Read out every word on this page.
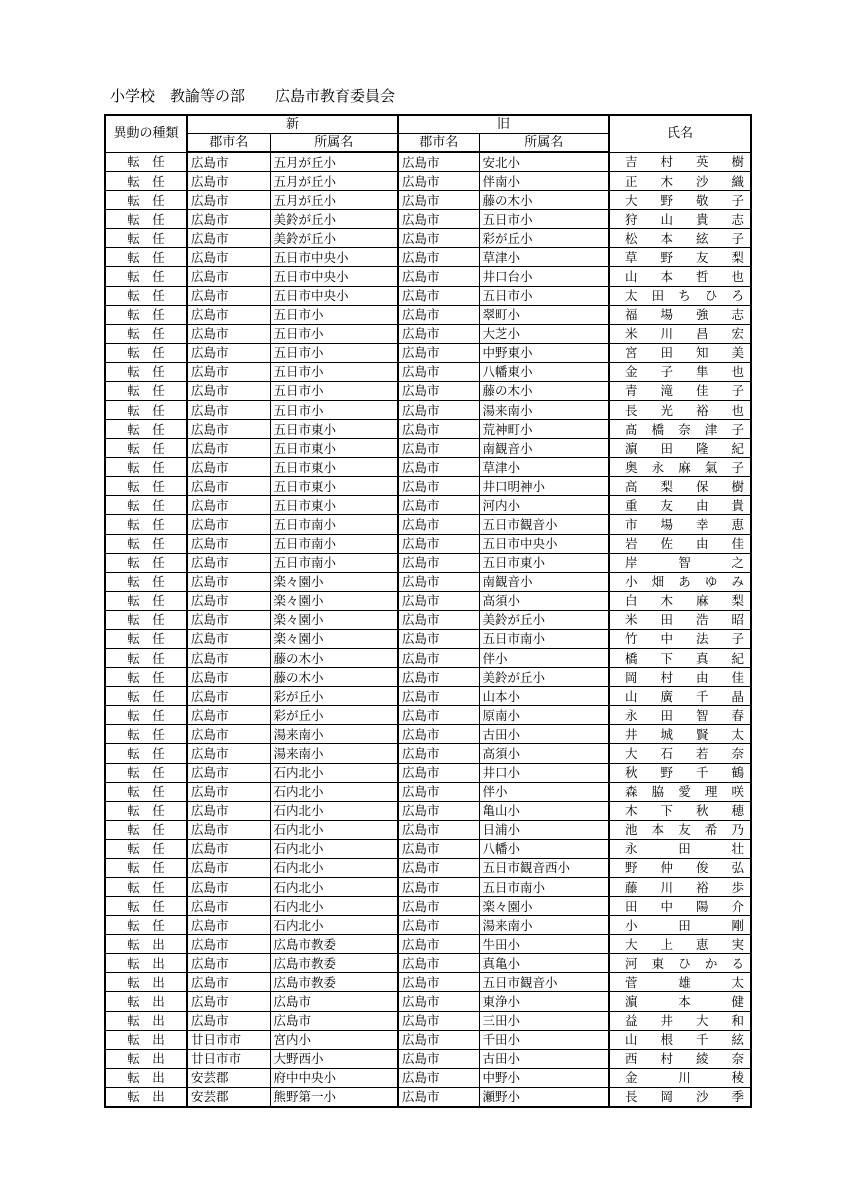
小学校　教諭等の部　　広島市教育委員会
異動の種類	新		旧		氏名
	郡市名	所属名	郡市名	所属名	
転　任	広島市	五月が丘小	広島市	安北小	吉 村 英 樹

転　任	広島市	五月が丘小	広島市	伴南小	正 木 沙 織

転　任	広島市	五月が丘小	広島市	藤の木小	大 野 敬 子

転　任	広島市	美鈴が丘小	広島市	五日市小	狩 山 貴 志

転　任	広島市	美鈴が丘小	広島市	彩が丘小	松 本 絃 子

転　任	広島市	五日市中央小	広島市	草津小	草 野 友 梨

転　任	広島市	五日市中央小	広島市	井口台小	山 本 哲 也

転　任	広島市	五日市中央小	広島市	五日市小	太 田 ち ひ ろ

転　任	広島市	五日市小	広島市	翠町小	福 場 強 志

転　任	広島市	五日市小	広島市	大芝小	米 川 昌 宏

転　任	広島市	五日市小	広島市	中野東小	宮 田 知 美

転　任	広島市	五日市小	広島市	八幡東小	金 子 隼 也

転　任	広島市	五日市小	広島市	藤の木小	青 滝 佳 子

転　任	広島市	五日市小	広島市	湯来南小	長 光 裕 也

転　任	広島市	五日市東小	広島市	荒神町小	髙 橋 奈 津 子

転　任	広島市	五日市東小	広島市	南観音小	濵 田 隆 紀

転　任	広島市	五日市東小	広島市	草津小	奥 永 麻 氣 子

転　任	広島市	五日市東小	広島市	井口明神小	高 梨 保 樹

転　任	広島市	五日市東小	広島市	河内小	重 友 由 貴

転　任	広島市	五日市南小	広島市	五日市観音小	市 場 幸 恵

転　任	広島市	五日市南小	広島市	五日市中央小	岩 佐 由 佳

転　任	広島市	五日市南小	広島市	五日市東小	岸 智 之

転　任	広島市	楽々園小	広島市	南観音小	小 畑 あ ゆ み

転　任	広島市	楽々園小	広島市	高須小	白 木 麻 梨

転　任	広島市	楽々園小	広島市	美鈴が丘小	米 田 浩 昭

転　任	広島市	楽々園小	広島市	五日市南小	竹 中 法 子

転　任	広島市	藤の木小	広島市	伴小	橋 下 真 紀

転　任	広島市	藤の木小	広島市	美鈴が丘小	岡 村 由 佳

転　任	広島市	彩が丘小	広島市	山本小	山 廣 千 晶

転　任	広島市	彩が丘小	広島市	原南小	永 田 智 春

転　任	広島市	湯来南小	広島市	古田小	井 城 賢 太

転　任	広島市	湯来南小	広島市	高須小	大 石 若 奈

転　任	広島市	石内北小	広島市	井口小	秋 野 千 鶴

転　任	広島市	石内北小	広島市	伴小	森 脇 愛 理 咲

転　任	広島市	石内北小	広島市	亀山小	木 下 秋 穂

転　任	広島市	石内北小	広島市	日浦小	池 本 友 希 乃

転　任	広島市	石内北小	広島市	八幡小	永 田 壮

転　任	広島市	石内北小	広島市	五日市観音西小	野 仲 俊 弘

転　任	広島市	石内北小	広島市	五日市南小	藤 川 裕 歩

転　任	広島市	石内北小	広島市	楽々園小	田 中 陽 介

転　任	広島市	石内北小	広島市	湯来南小	小 田 剛

転　出	広島市	広島市教委	広島市	牛田小	大 上 恵 実

転　出	広島市	広島市教委	広島市	真亀小	河 東 ひ か る

転　出	広島市	広島市教委	広島市	五日市観音小	菅 雄 太

転　出	広島市	広島市	広島市	東浄小	濵 本 健

転　出	広島市	広島市	広島市	三田小	益 井 大 和

転　出	廿日市市	宮内小	広島市	千田小	山 根 千 絃

転　出	廿日市市	大野西小	広島市	古田小	西 村 綾 奈

転　出	安芸郡	府中中央小	広島市	中野小	金 川 稜

転　出	安芸郡	熊野第一小	広島市	瀬野小	長 岡 沙 季
